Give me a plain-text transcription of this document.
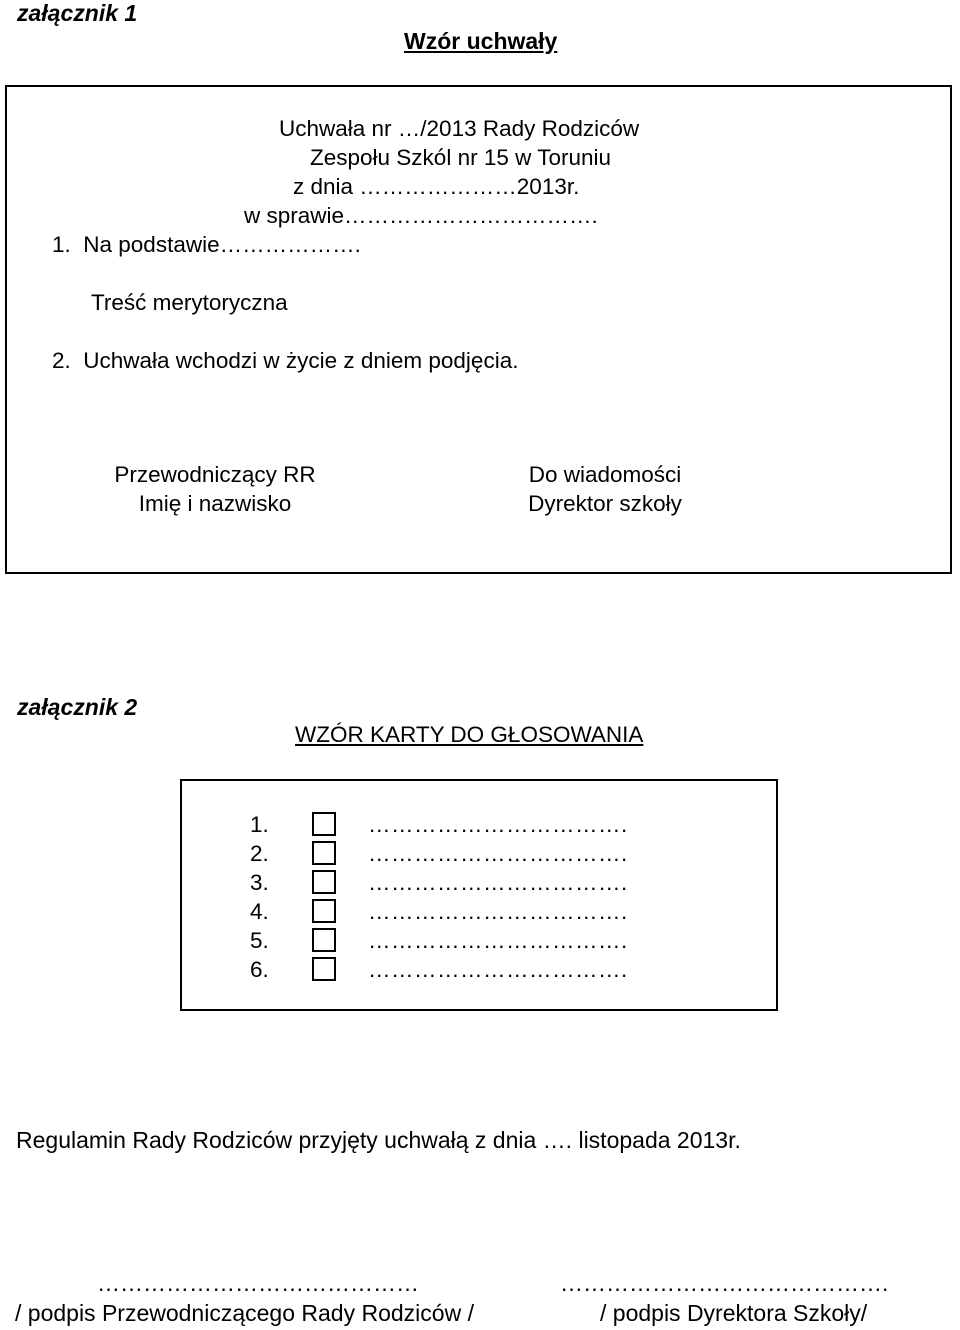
załącznik 1
Wzór uchwały
Uchwała nr …/2013 Rady Rodziców
Zespołu Szkól nr 15 w Toruniu
z dnia …………………2013r.
w sprawie…………………………….
1.  Na podstawie……………….
Treść merytoryczna
2.  Uchwała wchodzi w życie z dniem podjęcia.
Przewodniczący RR
Imię i nazwisko
Do wiadomości
Dyrektor szkoły
załącznik 2
WZÓR KARTY DO GŁOSOWANIA
1.	…………………………….
2.	…………………………….
3.	…………………………….
4.	…………………………….
5.	…………………………….
6.	…………………………….
Regulamin Rady Rodziców przyjęty uchwałą z dnia …. listopada 2013r.
……………………………………	…………………………………….
/ podpis Przewodniczącego Rady Rodziców /	/ podpis Dyrektora Szkoły/
